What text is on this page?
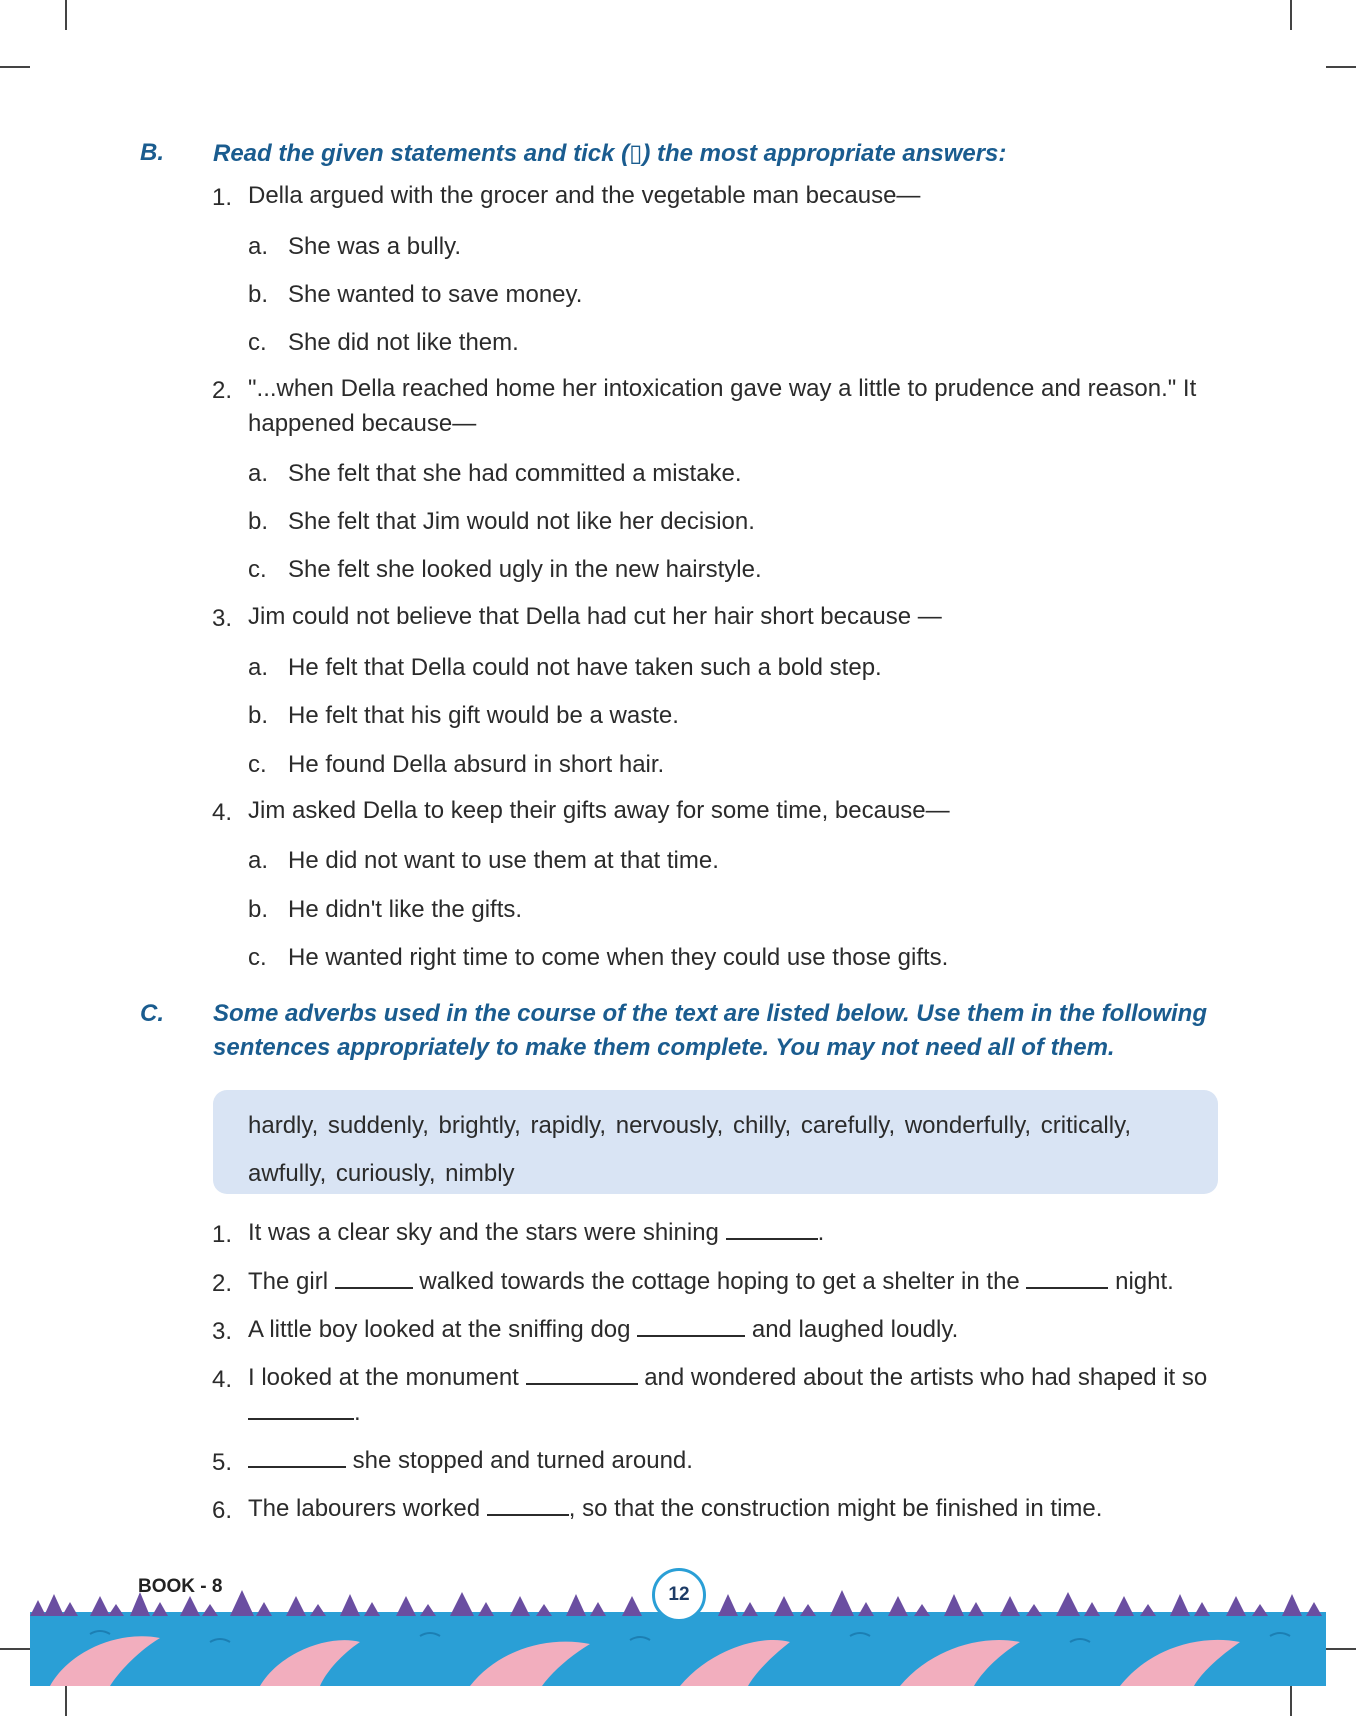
B. Read the given statements and tick (▯) the most appropriate answers:
1. Della argued with the grocer and the vegetable man because—
a. She was a bully.
b. She wanted to save money.
c. She did not like them.
2. "...when Della reached home her intoxication gave way a little to prudence and reason." It happened because—
a. She felt that she had committed a mistake.
b. She felt that Jim would not like her decision.
c. She felt she looked ugly in the new hairstyle.
3. Jim could not believe that Della had cut her hair short because —
a. He felt that Della could not have taken such a bold step.
b. He felt that his gift would be a waste.
c. He found Della absurd in short hair.
4. Jim asked Della to keep their gifts away for some time, because—
a. He did not want to use them at that time.
b. He didn't like the gifts.
c. He wanted right time to come when they could use those gifts.
C. Some adverbs used in the course of the text are listed below. Use them in the following sentences appropriately to make them complete. You may not need all of them.
hardly, suddenly, brightly, rapidly, nervously, chilly, carefully, wonderfully, critically, awfully, curiously, nimbly
1. It was a clear sky and the stars were shining	.
2. The girl	walked towards the cottage hoping to get a shelter in the	night.
3. A little boy looked at the sniffing dog	and laughed loudly.
4. I looked at the monument	and wondered about the artists who had shaped it so .
5.	she stopped and turned around.
6. The labourers worked	, so that the construction might be finished in time.
BOOK - 8	12
